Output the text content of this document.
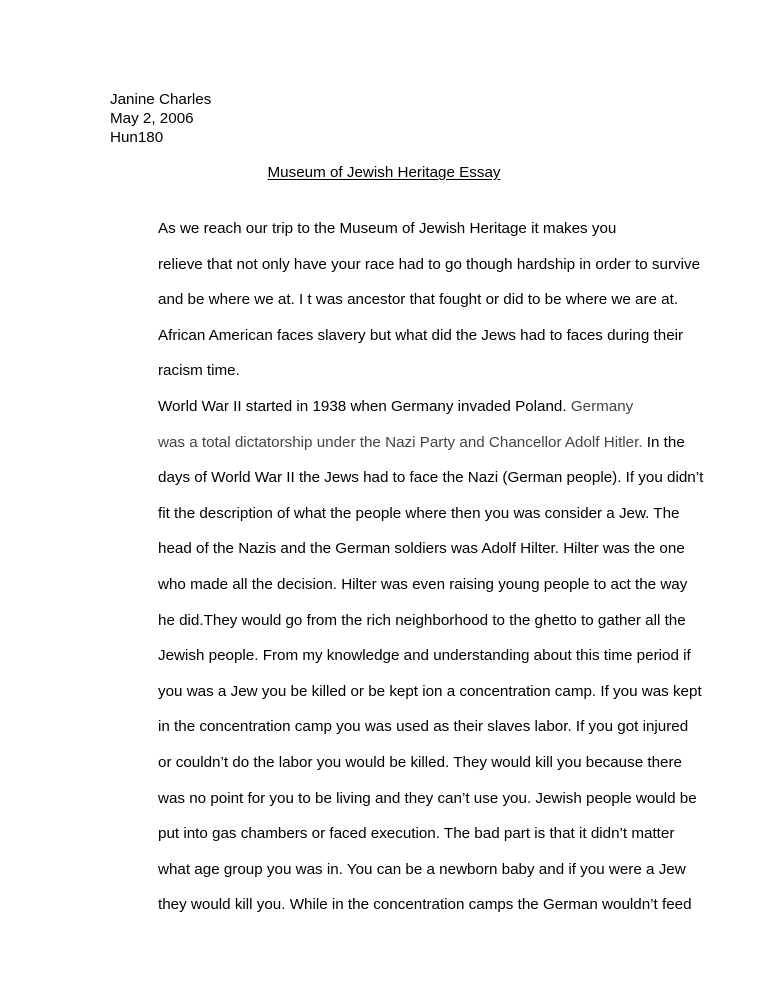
Janine Charles
May 2, 2006
Hun180
Museum of Jewish Heritage Essay

As we reach our trip to the Museum of Jewish Heritage it makes you
relieve that not only have your race had to go though hardship in order to survive
and be where we at. I t was ancestor that fought or did to be where we are at.
African American faces slavery but what did the Jews had to faces during their
racism time.

World War II started in 1938 when Germany invaded Poland. Germany
was a total dictatorship under the Nazi Party and Chancellor Adolf Hitler. In the
days of World War II the Jews had to face the Nazi (German people). If you didn’t
fit the description of what the people where then you was consider a Jew. The
head of the Nazis and the German soldiers was Adolf Hilter. Hilter was the one
who made all the decision. Hilter was even raising young people to act the way
he did.They would go from the rich neighborhood to the ghetto to gather all the
Jewish people. From my knowledge and understanding about this time period if
you was a Jew you be killed or be kept ion a concentration camp. If you was kept
in the concentration camp you was used as their slaves labor. If you got injured
or couldn’t do the labor you would be killed. They would kill you because there
was no point for you to be living and they can’t use you. Jewish people would be
put into gas chambers or faced execution. The bad part is that it didn’t matter
what age group you was in. You can be a newborn baby and if you were a Jew
they would kill you. While in the concentration camps the German wouldn’t feed
